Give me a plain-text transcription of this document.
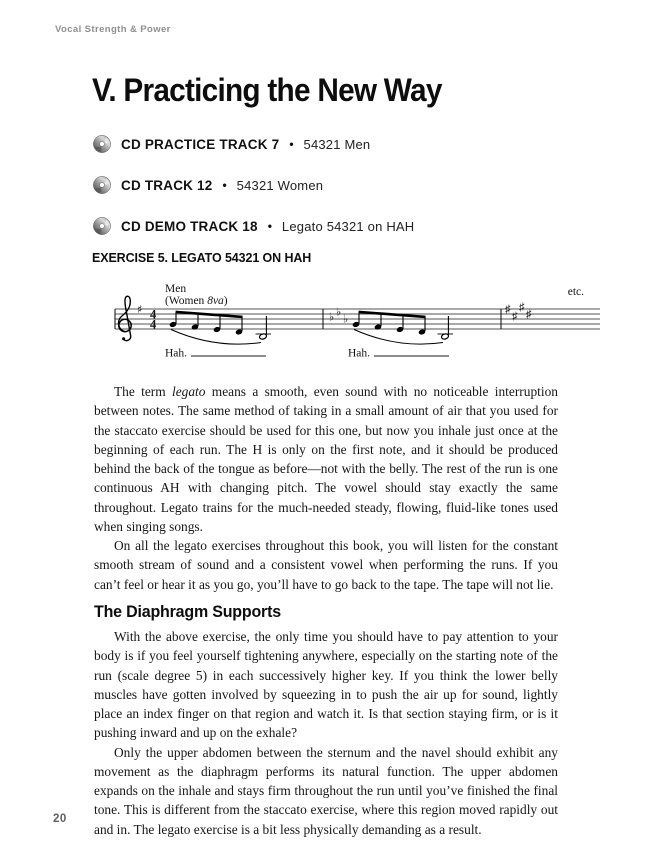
Vocal Strength & Power
V. Practicing the New Way
CD PRACTICE TRACK 7 • 54321 Men
CD TRACK 12 • 54321 Women
CD DEMO TRACK 18 • Legato 54321 on HAH
EXERCISE 5. LEGATO 54321 ON HAH
♯ 4
4
Men
(Women 8va)
etc.
Hah.
♭ ♭
♭
Hah.
♯
♯
♯
♯

The term legato means a smooth, even sound with no noticeable interruption between notes. The same method of taking in a small amount of air that you used for the staccato exercise should be used for this one, but now you inhale just once at the beginning of each run. The H is only on the first note, and it should be produced behind the back of the tongue as before—not with the belly. The rest of the run is one continuous AH with changing pitch. The vowel should stay exactly the same throughout. Legato trains for the much-needed steady, flowing, fluid-like tones used when singing songs.

On all the legato exercises throughout this book, you will listen for the constant smooth stream of sound and a consistent vowel when performing the runs. If you can’t feel or hear it as you go, you’ll have to go back to the tape. The tape will not lie.

The Diaphragm Supports

With the above exercise, the only time you should have to pay attention to your body is if you feel yourself tightening anywhere, especially on the starting note of the run (scale degree 5) in each successively higher key. If you think the lower belly muscles have gotten involved by squeezing in to push the air up for sound, lightly place an index finger on that region and watch it. Is that section staying firm, or is it pushing inward and up on the exhale?

Only the upper abdomen between the sternum and the navel should exhibit any movement as the diaphragm performs its natural function. The upper abdomen expands on the inhale and stays firm throughout the run until you’ve finished the final tone. This is different from the staccato exercise, where this region moved rapidly out and in. The legato exercise is a bit less physically demanding as a result.

20
